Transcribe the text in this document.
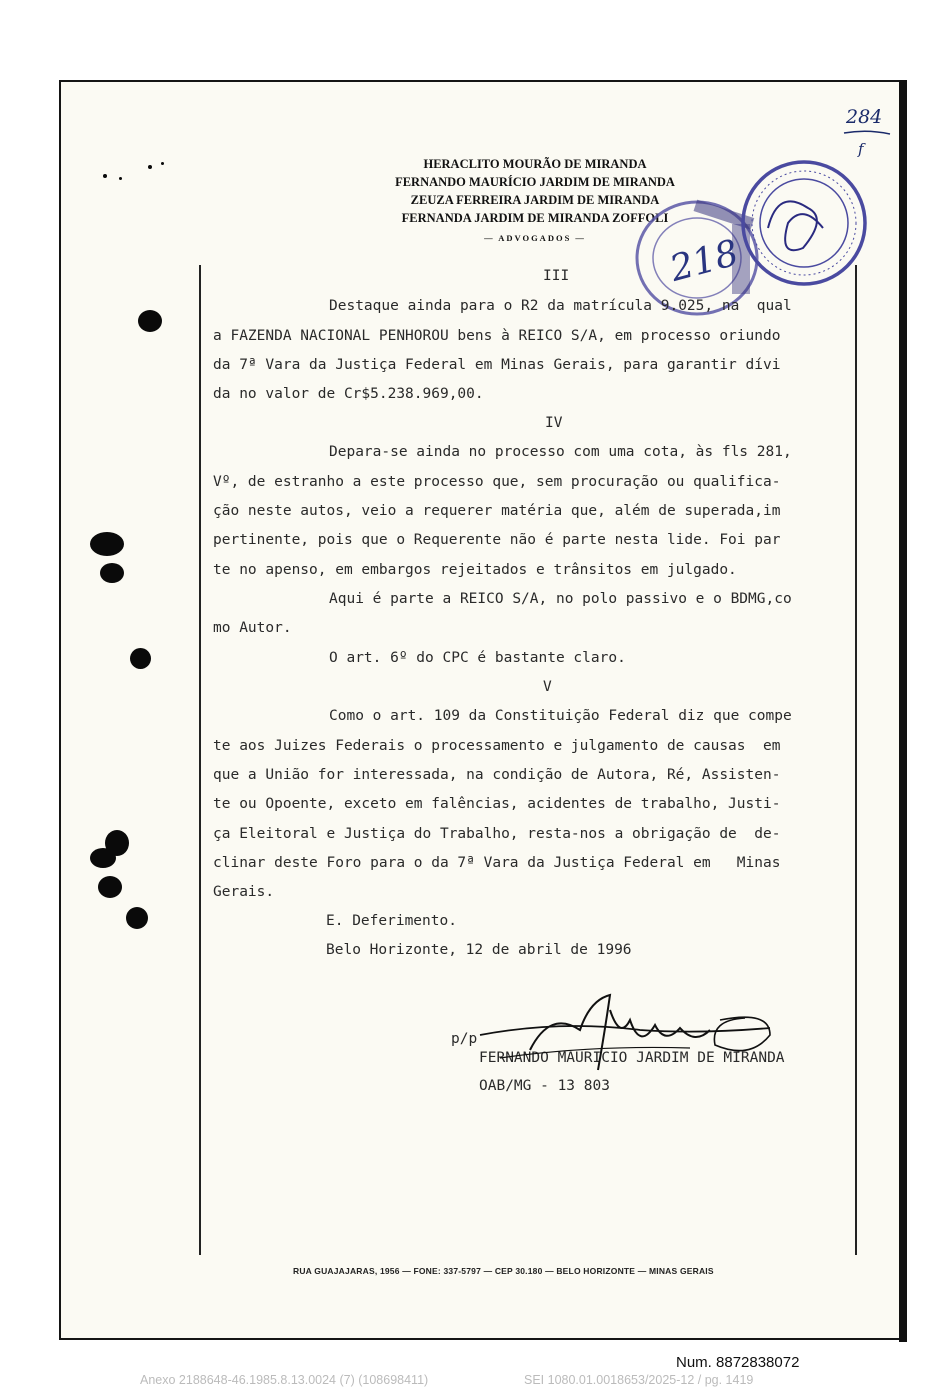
284
f
HERACLITO MOURÃO DE MIRANDA
FERNANDO MAURÍCIO JARDIM DE MIRANDA
ZEUZA FERREIRA JARDIM DE MIRANDA
FERNANDA JARDIM DE MIRANDA ZOFFOLI
— ADVOGADOS —	218

III

Destaque ainda para o R2 da matrícula 9.025, na  qual

a FAZENDA NACIONAL PENHOROU bens à REICO S/A, em processo oriundo

da 7ª Vara da Justiça Federal em Minas Gerais, para garantir dívi

da no valor de Cr$5.238.969,00.

IV

Depara-se ainda no processo com uma cota, às fls 281,

Vº, de estranho a este processo que, sem procuração ou qualifica-

ção neste autos, veio a requerer matéria que, além de superada,im

pertinente, pois que o Requerente não é parte nesta lide. Foi par

te no apenso, em embargos rejeitados e trânsitos em julgado.

Aqui é parte a REICO S/A, no polo passivo e o BDMG,co

mo Autor.

O art. 6º do CPC é bastante claro.

V

Como o art. 109 da Constituição Federal diz que compe

te aos Juizes Federais o processamento e julgamento de causas  em

que a União for interessada, na condição de Autora, Ré, Assisten-

te ou Opoente, exceto em falências, acidentes de trabalho, Justi-

ça Eleitoral e Justiça do Trabalho, resta-nos a obrigação de  de-

clinar deste Foro para o da 7ª Vara da Justiça Federal em   Minas

Gerais.

E. Deferimento.

Belo Horizonte, 12 de abril de 1996

p/p

FERNANDO MAURICIO JARDIM DE MIRANDA

OAB/MG - 13 803

RUA GUAJAJARAS, 1956 — FONE: 337-5797 — CEP 30.180 — BELO HORIZONTE — MINAS GERAIS
Num. 8872838072
Anexo 2188648-46.1985.8.13.0024 (7) (108698411)	SEI 1080.01.0018653/2025-12 / pg. 1419
